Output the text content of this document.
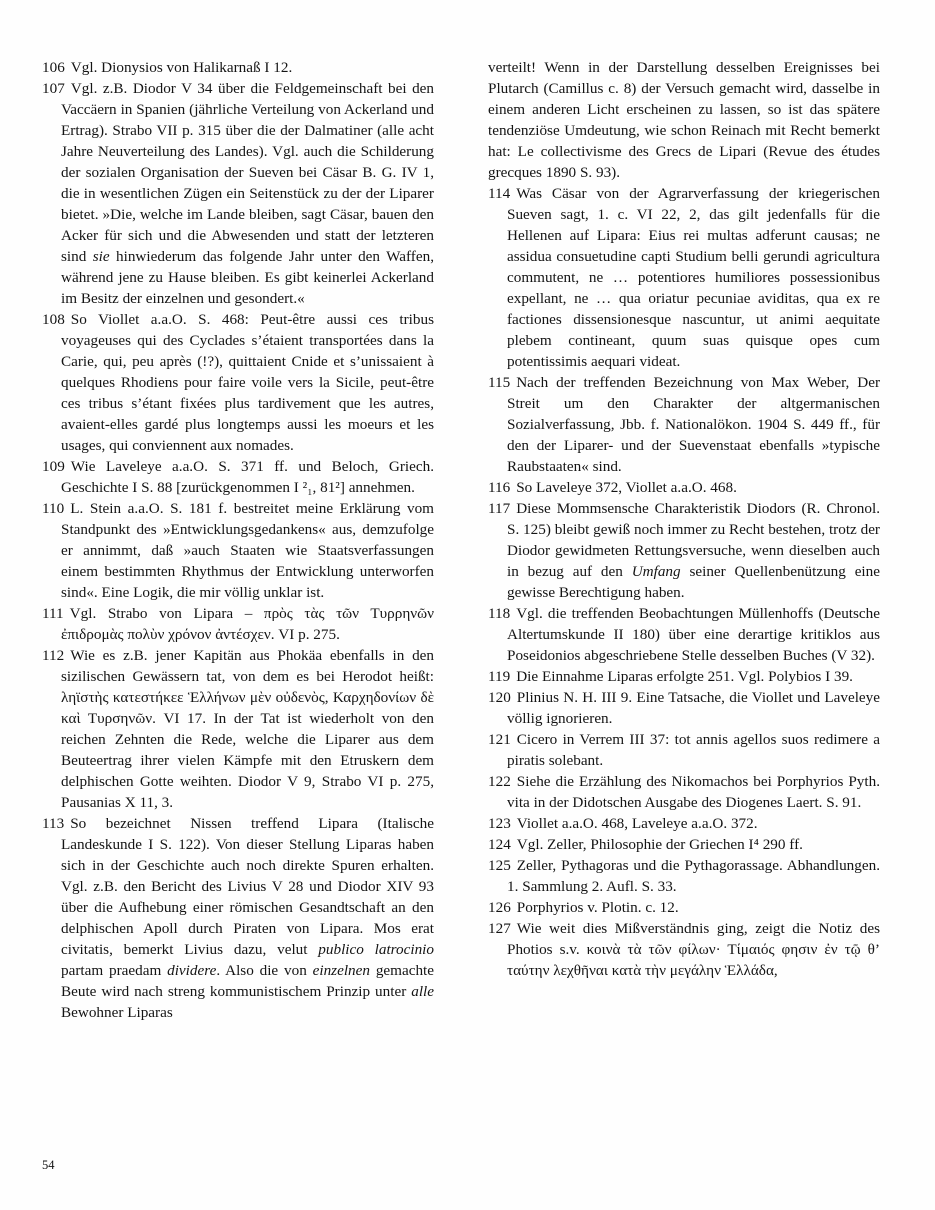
106 Vgl. Dionysios von Halikarnaß I 12.
107 Vgl. z.B. Diodor V 34 über die Feldgemeinschaft bei den Vaccäern in Spanien (jährliche Verteilung von Ackerland und Ertrag). Strabo VII p. 315 über die der Dalmatiner (alle acht Jahre Neuverteilung des Landes). Vgl. auch die Schilderung der sozialen Organisation der Sueven bei Cäsar B. G. IV 1, die in wesentlichen Zügen ein Seitenstück zu der der Liparer bietet. »Die, welche im Lande bleiben, sagt Cäsar, bauen den Acker für sich und die Abwesenden und statt der letzteren sind sie hinwiederum das folgende Jahr unter den Waffen, während jene zu Hause bleiben. Es gibt keinerlei Ackerland im Besitz der einzelnen und gesondert.«
108 So Viollet a.a.O. S. 468: Peut-être aussi ces tribus voyageuses qui des Cyclades s’étaient transportées dans la Carie, qui, peu après (!?), quittaient Cnide et s’unissaient à quelques Rhodiens pour faire voile vers la Sicile, peut-être ces tribus s’étant fixées plus tardivement que les autres, avaient-elles gardé plus longtemps aussi les moeurs et les usages, qui conviennent aux nomades.
109 Wie Laveleye a.a.O. S. 371 ff. und Beloch, Griech. Geschichte I S. 88 [zurückgenommen I ²₁, 81²] annehmen.
110 L. Stein a.a.O. S. 181 f. bestreitet meine Erklärung vom Standpunkt des »Entwicklungsgedankens« aus, demzufolge er annimmt, daß »auch Staaten wie Staatsverfassungen einem bestimmten Rhythmus der Entwicklung unterworfen sind«. Eine Logik, die mir völlig unklar ist.
111 Vgl. Strabo von Lipara – πρὸς τὰς τῶν Τυρρηνῶν ἐπιδρομὰς πολὺν χρόνον ἀντέσχεν. VI p. 275.
112 Wie es z.B. jener Kapitän aus Phokäa ebenfalls in den sizilischen Gewässern tat, von dem es bei Herodot heißt: ληϊστὴς κατεστήκεε Ἑλλήνων μὲν οὐδενὸς, Καρχηδονίων δὲ καὶ Τυρσηνῶν. VI 17. In der Tat ist wiederholt von den reichen Zehnten die Rede, welche die Liparer aus dem Beuteertrag ihrer vielen Kämpfe mit den Etruskern dem delphischen Gotte weihten. Diodor V 9, Strabo VI p. 275, Pausanias X 11, 3.
113 So bezeichnet Nissen treffend Lipara (Italische Landeskunde I S. 122). Von dieser Stellung Liparas haben sich in der Geschichte auch noch direkte Spuren erhalten. Vgl. z.B. den Bericht des Livius V 28 und Diodor XIV 93 über die Aufhebung einer römischen Gesandtschaft an den delphischen Apoll durch Piraten von Lipara. Mos erat civitatis, bemerkt Livius dazu, velut publico latrocinio partam praedam dividere. Also die von einzelnen gemachte Beute wird nach streng kommunistischem Prinzip unter alle Bewohner Liparas
verteilt! Wenn in der Darstellung desselben Ereignisses bei Plutarch (Camillus c. 8) der Versuch gemacht wird, dasselbe in einem anderen Licht erscheinen zu lassen, so ist das spätere tendenziöse Umdeutung, wie schon Reinach mit Recht bemerkt hat: Le collectivisme des Grecs de Lipari (Revue des études grecques 1890 S. 93).
114 Was Cäsar von der Agrarverfassung der kriegerischen Sueven sagt, 1. c. VI 22, 2, das gilt jedenfalls für die Hellenen auf Lipara: Eius rei multas adferunt causas; ne assidua consuetudine capti Studium belli gerundi agricultura commutent, ne … potentiores humiliores possessionibus expellant, ne … qua oriatur pecuniae aviditas, qua ex re factiones dissensionesque nascuntur, ut animi aequitate plebem contineant, quum suas quisque opes cum potentissimis aequari videat.
115 Nach der treffenden Bezeichnung von Max Weber, Der Streit um den Charakter der altgermanischen Sozialverfassung, Jbb. f. Nationalökon. 1904 S. 449 ff., für den der Liparer- und der Suevenstaat ebenfalls »typische Raubstaaten« sind.
116 So Laveleye 372, Viollet a.a.O. 468.
117 Diese Mommsensche Charakteristik Diodors (R. Chronol. S. 125) bleibt gewiß noch immer zu Recht bestehen, trotz der Diodor gewidmeten Rettungsversuche, wenn dieselben auch in bezug auf den Umfang seiner Quellenbenützung eine gewisse Berechtigung haben.
118 Vgl. die treffenden Beobachtungen Müllenhoffs (Deutsche Altertumskunde II 180) über eine derartige kritiklos aus Poseidonios abgeschriebene Stelle desselben Buches (V 32).
119 Die Einnahme Liparas erfolgte 251. Vgl. Polybios I 39.
120 Plinius N. H. III 9. Eine Tatsache, die Viollet und Laveleye völlig ignorieren.
121 Cicero in Verrem III 37: tot annis agellos suos redimere a piratis solebant.
122 Siehe die Erzählung des Nikomachos bei Porphyrios Pyth. vita in der Didotschen Ausgabe des Diogenes Laert. S. 91.
123 Viollet a.a.O. 468, Laveleye a.a.O. 372.
124 Vgl. Zeller, Philosophie der Griechen I⁴ 290 ff.
125 Zeller, Pythagoras und die Pythagorassage. Abhandlungen. 1. Sammlung 2. Aufl. S. 33.
126 Porphyrios v. Plotin. c. 12.
127 Wie weit dies Mißverständnis ging, zeigt die Notiz des Photios s.v. κοινὰ τὰ τῶν φίλων· Τίμαιός φησιν ἐν τῷ θ’ ταύτην λεχθῆναι κατὰ τὴν μεγάλην Ἑλλάδα,
54
